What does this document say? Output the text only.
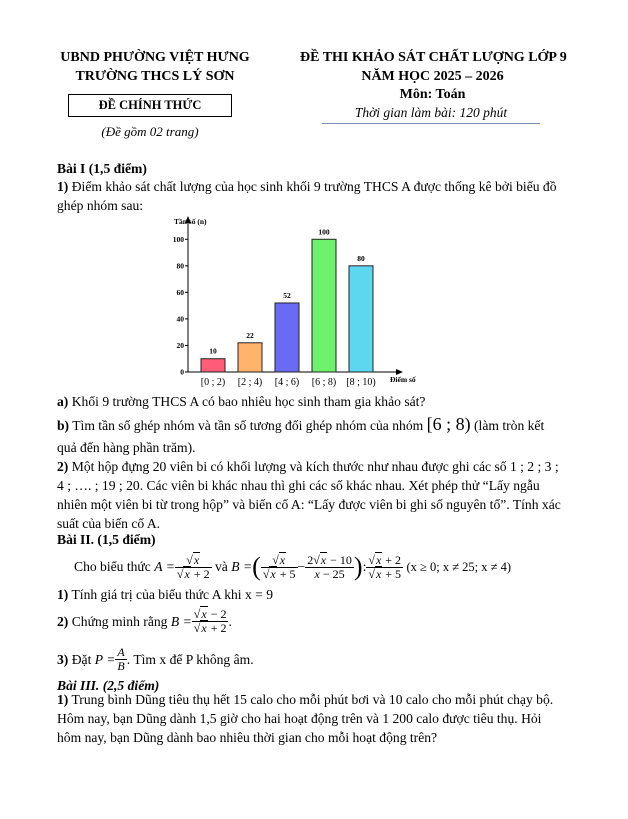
UBND PHƯỜNG VIỆT HƯNG
TRƯỜNG THCS LÝ SƠN
ĐỀ CHÍNH THỨC
(Đề gồm 02 trang)
ĐỀ THI KHẢO SÁT CHẤT LƯỢNG LỚP 9
NĂM HỌC 2025 – 2026
Môn: Toán
Thời gian làm bài: 120 phút
Bài I (1,5 điểm)
1) Điểm khảo sát chất lượng của học sinh khối 9 trường THCS A được thống kê bởi biểu đồ ghép nhóm sau:
Tần số (n)
Điểm số
0
20
40
60
80
100
10
[0 ; 2)
22
[2 ; 4)
52
[4 ; 6)
100
[6 ; 8)
80
[8 ; 10)
a) Khối 9 trường THCS A có bao nhiêu học sinh tham gia khảo sát?
b) Tìm tần số ghép nhóm và tần số tương đối ghép nhóm của nhóm [6 ; 8) (làm tròn kết quả đến hàng phần trăm).
2) Một hộp đựng 20 viên bi có khối lượng và kích thước như nhau được ghi các số 1 ; 2 ; 3 ; 4 ; …. ; 19 ; 20. Các viên bi khác nhau thì ghi các số khác nhau. Xét phép thử “Lấy ngẫu nhiên một viên bi từ trong hộp” và biến cố A: “Lấy được viên bi ghi số nguyên tố”. Tính xác suất của biến cố A.
Bài II. (1,5 điểm)
Cho biểu thức
$A = \frac{√x}{√x + 2}$
và
B = ( $\frac{√x}{√x + 5} - \frac{2√x - 10}{x - 25}$ ) : $\frac{√x + 2}{√x + 5}$
(x ≥ 0; x ≠ 25; x ≠ 4)
1) Tính giá trị của biểu thức A khi x = 9
2)
Chứng minh rằng
$B = \frac{√x - 2}{√x + 2}$ .
3)
Đặt
$P = \frac{A}{B}$ . Tìm x để P không âm.
Bài III. (2,5 điểm)
1) Trung bình Dũng tiêu thụ hết 15 calo cho mỗi phút bơi và 10 calo cho mỗi phút chạy bộ. Hôm nay, bạn Dũng dành 1,5 giờ cho hai hoạt động trên và 1 200 calo được tiêu thụ. Hỏi hôm nay, bạn Dũng dành bao nhiêu thời gian cho mỗi hoạt động trên?
